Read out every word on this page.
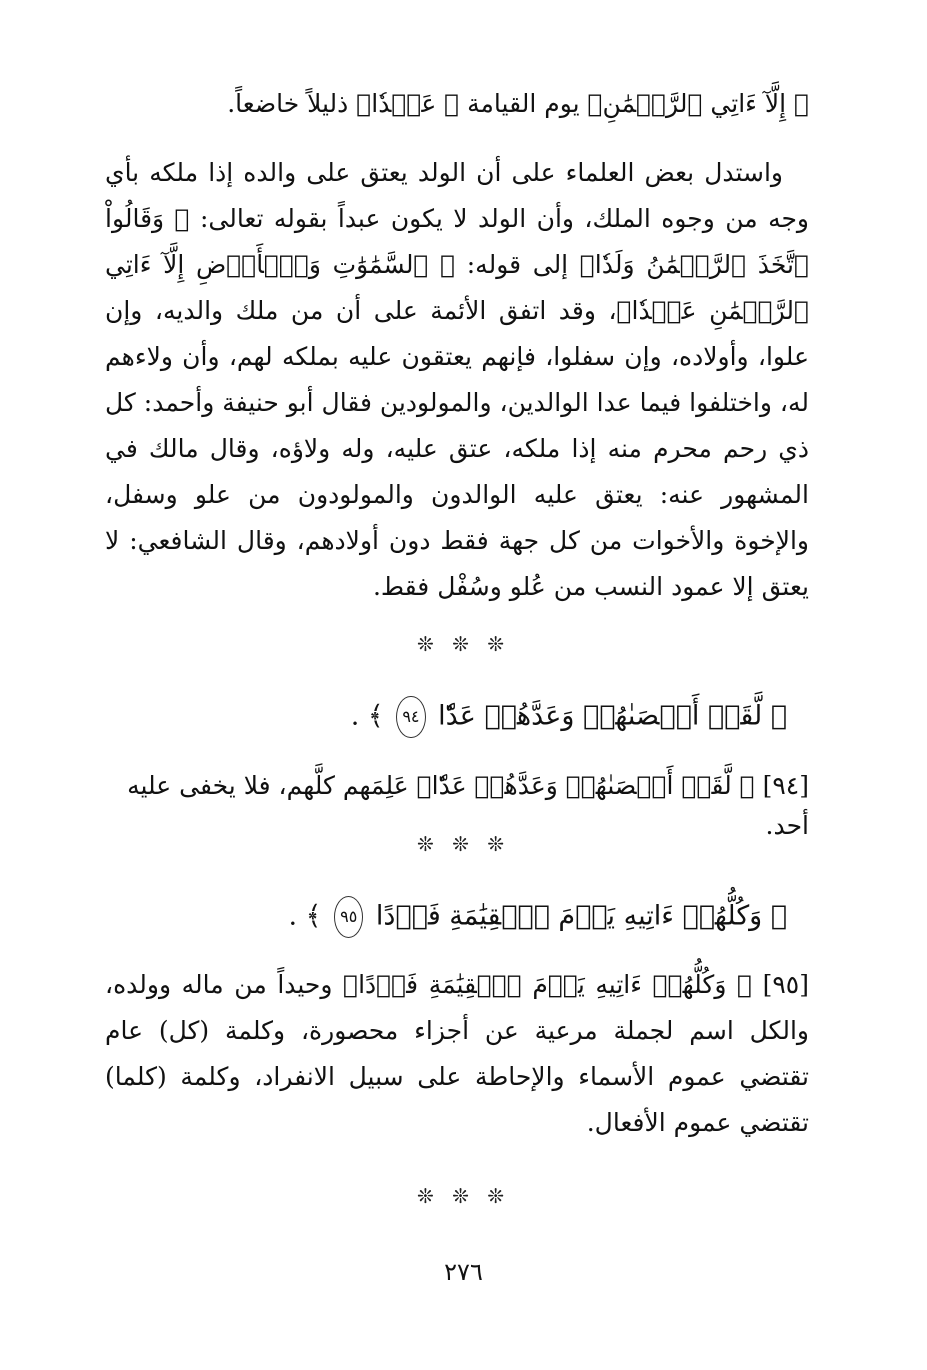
﴿ إِلَّآ ءَاتِي ٱلرَّحۡمَٰنِ﴾ يوم القيامة ﴿ عَبۡدٗا﴾ ذليلاً خاضعاً.

واستدل بعض العلماء على أن الولد يعتق على والده إذا ملكه بأي وجه من وجوه الملك، وأن الولد لا يكون عبداً بقوله تعالى: ﴿ وَقَالُواْ ٱتَّخَذَ ٱلرَّحۡمَٰنُ وَلَدٗا﴾ إلى قوله: ﴿ ٱلسَّمَٰوَٰتِ وَٱلۡأَرۡضِ إِلَّآ ءَاتِي ٱلرَّحۡمَٰنِ عَبۡدٗا﴾، وقد اتفق الأئمة على أن من ملك والديه، وإن علوا، وأولاده، وإن سفلوا، فإنهم يعتقون عليه بملكه لهم، وأن ولاءهم له، واختلفوا فيما عدا الوالدين، والمولودين فقال أبو حنيفة وأحمد: كل ذي رحم محرم منه إذا ملكه، عتق عليه، وله ولاؤه، وقال مالك في المشهور عنه: يعتق عليه الوالدون والمولودون من علو وسفل، والإخوة والأخوات من كل جهة فقط دون أولادهم، وقال الشافعي: لا يعتق إلا عمود النسب من عُلو وسُفْل فقط.

❊ ❊ ❊
﴿ لَّقَدۡ أَحۡصَىٰهُمۡ وَعَدَّهُمۡ عَدّٗا ٩٤ ﴾ .
[٩٤] ﴿ لَّقَدۡ أَحۡصَىٰهُمۡ وَعَدَّهُمۡ عَدّٗا﴾ عَلِمَهم كلَّهم، فلا يخفى عليه أحد.
❊ ❊ ❊
﴿ وَكُلُّهُمۡ ءَاتِيهِ يَوۡمَ ٱلۡقِيَٰمَةِ فَرۡدًا ٩٥ ﴾ .

[٩٥] ﴿ وَكُلُّهُمۡ ءَاتِيهِ يَوۡمَ ٱلۡقِيَٰمَةِ فَرۡدًا﴾ وحيداً من ماله وولده، والكل اسم لجملة مرعية عن أجزاء محصورة، وكلمة (كل) عام تقتضي عموم الأسماء والإحاطة على سبيل الانفراد، وكلمة (كلما) تقتضي عموم الأفعال.

❊ ❊ ❊
٢٧٦
